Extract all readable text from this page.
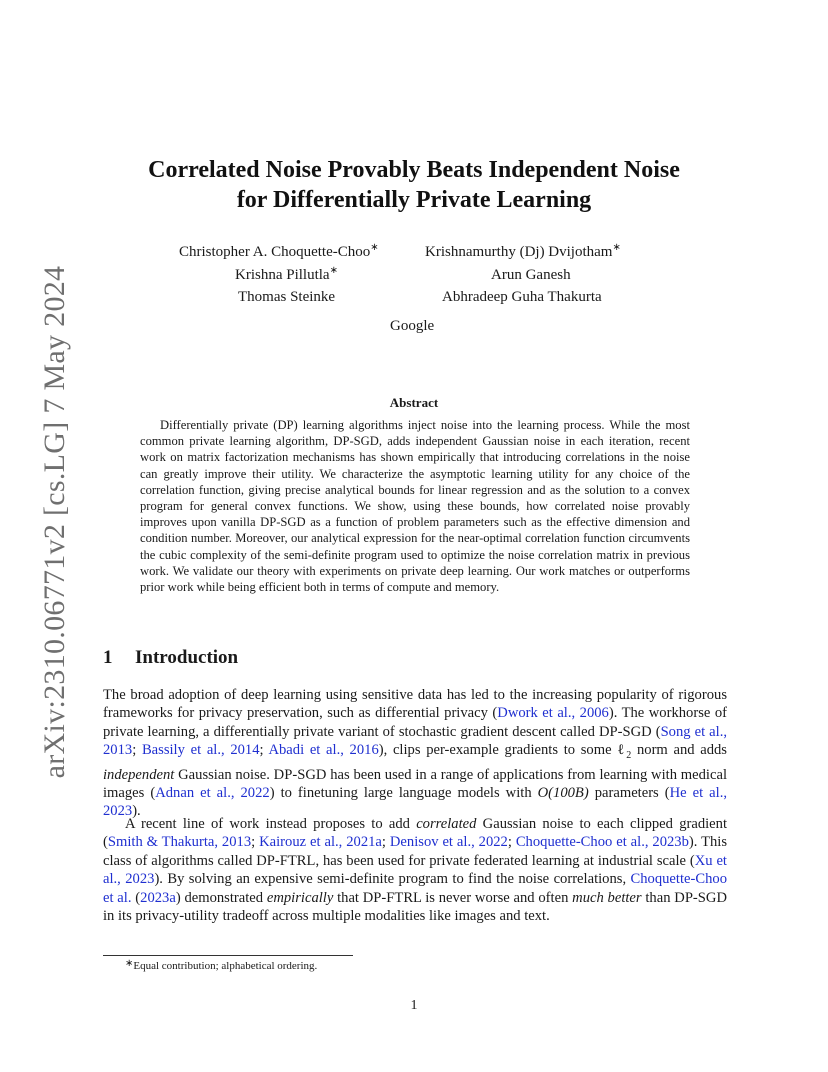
arXiv:2310.06771v2 [cs.LG] 7 May 2024
Correlated Noise Provably Beats Independent Noise
for Differentially Private Learning
Christopher A. Choquette-Choo∗	Krishnamurthy (Dj) Dvijotham∗
Krishna Pillutla∗	Arun Ganesh
Thomas Steinke	Abhradeep Guha Thakurta
Google
Abstract
Differentially private (DP) learning algorithms inject noise into the learning process. While the most common private learning algorithm, DP-SGD, adds independent Gaussian noise in each iteration, recent work on matrix factorization mechanisms has shown empirically that introducing correlations in the noise can greatly improve their utility. We characterize the asymptotic learning utility for any choice of the correlation function, giving precise analytical bounds for linear regression and as the solution to a convex program for general convex functions. We show, using these bounds, how correlated noise provably improves upon vanilla DP-SGD as a function of problem parameters such as the effective dimension and condition number. Moreover, our analytical expression for the near-optimal correlation function circumvents the cubic complexity of the semi-definite program used to optimize the noise correlation matrix in previous work. We validate our theory with experiments on private deep learning. Our work matches or outperforms prior work while being efficient both in terms of compute and memory.
1 Introduction
The broad adoption of deep learning using sensitive data has led to the increasing popularity of rigorous frameworks for privacy preservation, such as differential privacy (Dwork et al., 2006). The workhorse of private learning, a differentially private variant of stochastic gradient descent called DP-SGD (Song et al., 2013; Bassily et al., 2014; Abadi et al., 2016), clips per-example gradients to some ℓ$_2$ norm and adds independent Gaussian noise. DP-SGD has been used in a range of applications from learning with medical images (Adnan et al., 2022) to finetuning large language models with O(100B) parameters (He et al., 2023).
A recent line of work instead proposes to add correlated Gaussian noise to each clipped gradient (Smith & Thakurta, 2013; Kairouz et al., 2021a; Denisov et al., 2022; Choquette-Choo et al., 2023b). This class of algorithms called DP-FTRL, has been used for private federated learning at industrial scale (Xu et al., 2023). By solving an expensive semi-definite program to find the noise correlations, Choquette-Choo et al. (2023a) demonstrated empirically that DP-FTRL is never worse and often much better than DP-SGD in its privacy-utility tradeoff across multiple modalities like images and text.
∗Equal contribution; alphabetical ordering.
1
